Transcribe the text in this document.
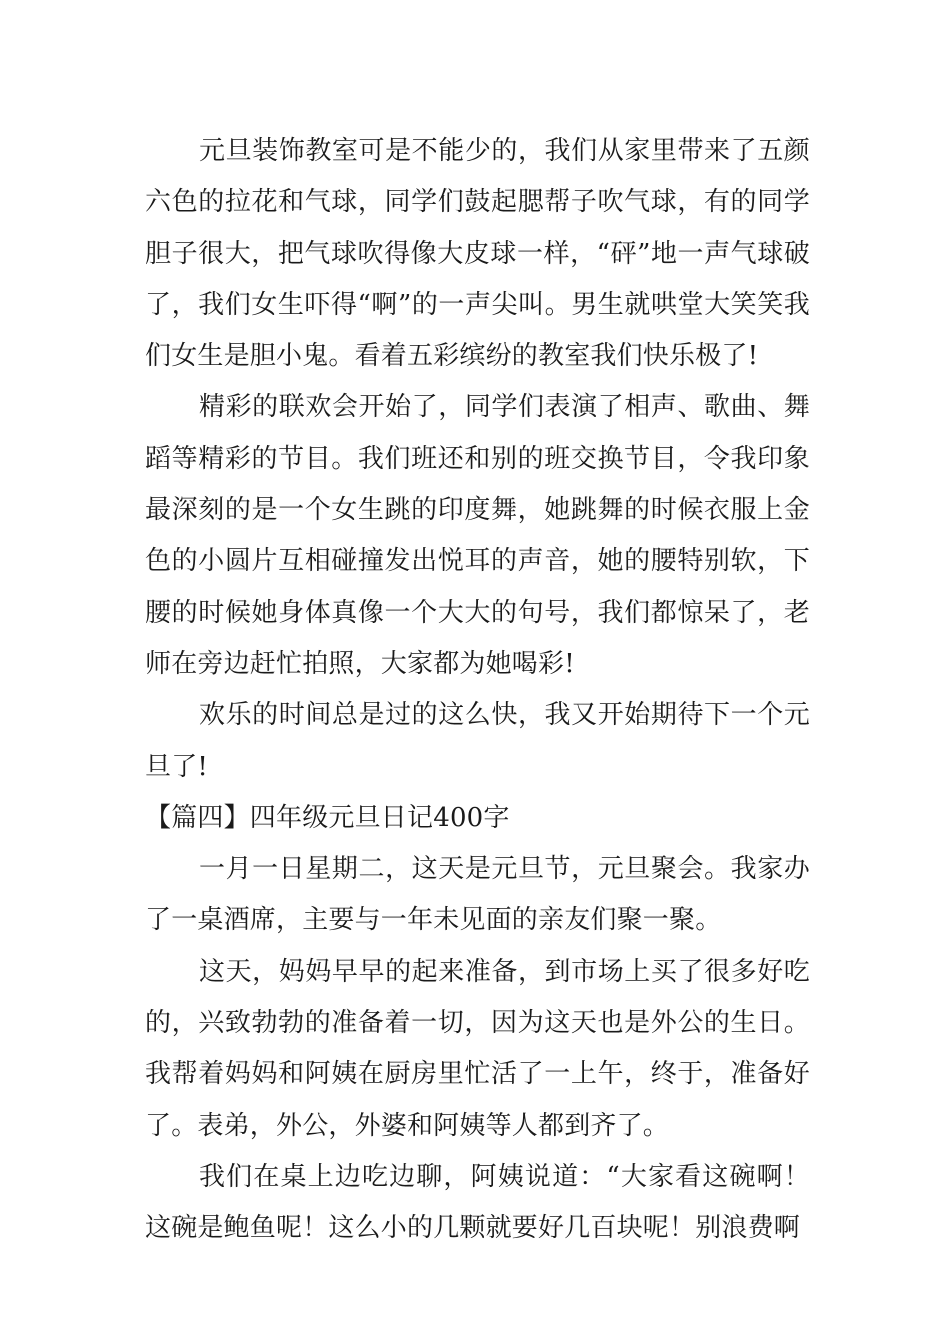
元旦装饰教室可是不能少的，我们从家里带来了五颜六色的拉花和气球，同学们鼓起腮帮子吹气球，有的同学胆子很大，把气球吹得像大皮球一样，“砰”地一声气球破了，我们女生吓得“啊”的一声尖叫。男生就哄堂大笑笑我们女生是胆小鬼。看着五彩缤纷的教室我们快乐极了!

精彩的联欢会开始了，同学们表演了相声、歌曲、舞蹈等精彩的节目。我们班还和别的班交换节目，令我印象最深刻的是一个女生跳的印度舞，她跳舞的时候衣服上金色的小圆片互相碰撞发出悦耳的声音，她的腰特别软，下腰的时候她身体真像一个大大的句号，我们都惊呆了，老师在旁边赶忙拍照，大家都为她喝彩!

欢乐的时间总是过的这么快，我又开始期待下一个元旦了!

【篇四】四年级元旦日记400字

一月一日星期二，这天是元旦节，元旦聚会。我家办了一桌酒席，主要与一年未见面的亲友们聚一聚。

这天，妈妈早早的起来准备，到市场上买了很多好吃的，兴致勃勃的准备着一切，因为这天也是外公的生日。我帮着妈妈和阿姨在厨房里忙活了一上午，终于，准备好了。表弟，外公，外婆和阿姨等人都到齐了。

我们在桌上边吃边聊，阿姨说道：“大家看这碗啊！这碗是鲍鱼呢！这么小的几颗就要好几百块呢！别浪费啊
